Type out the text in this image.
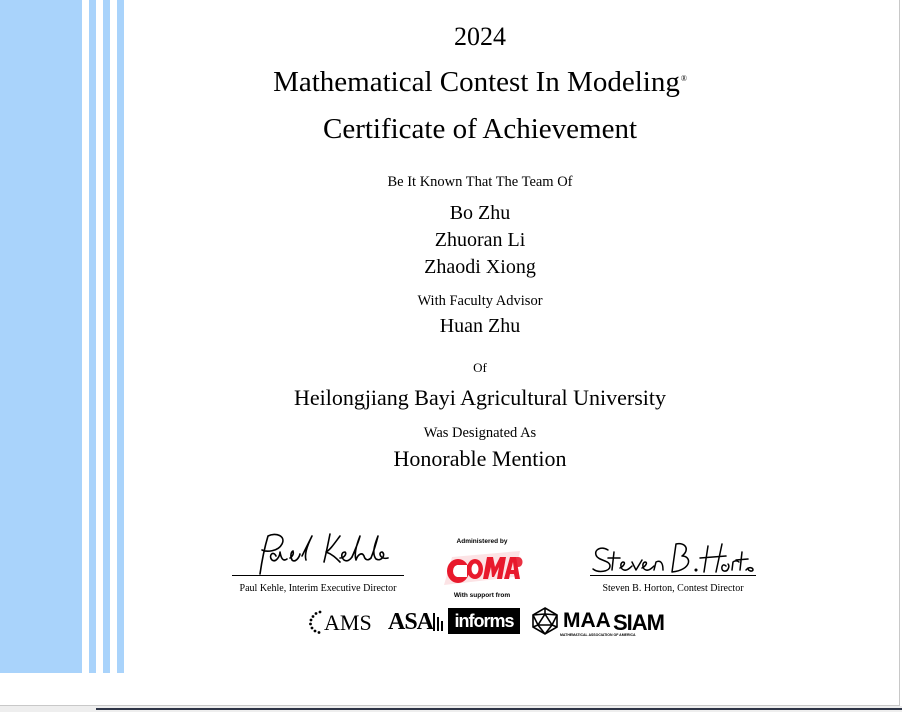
2024
Mathematical Contest In Modeling®
Certificate of Achievement
Be It Known That The Team Of
Bo Zhu
Zhuoran Li
Zhaodi Xiong
With Faculty Advisor
Huan Zhu
Of
Heilongjiang Bayi Agricultural University
Was Designated As
Honorable Mention
Paul Kehle, Interim Executive Director	Steven B. Horton, Contest Director
Administered by
With support from
AMS ASA	informs	MAA
MATHEMATICAL ASSOCIATION OF AMERICA
SIAM
